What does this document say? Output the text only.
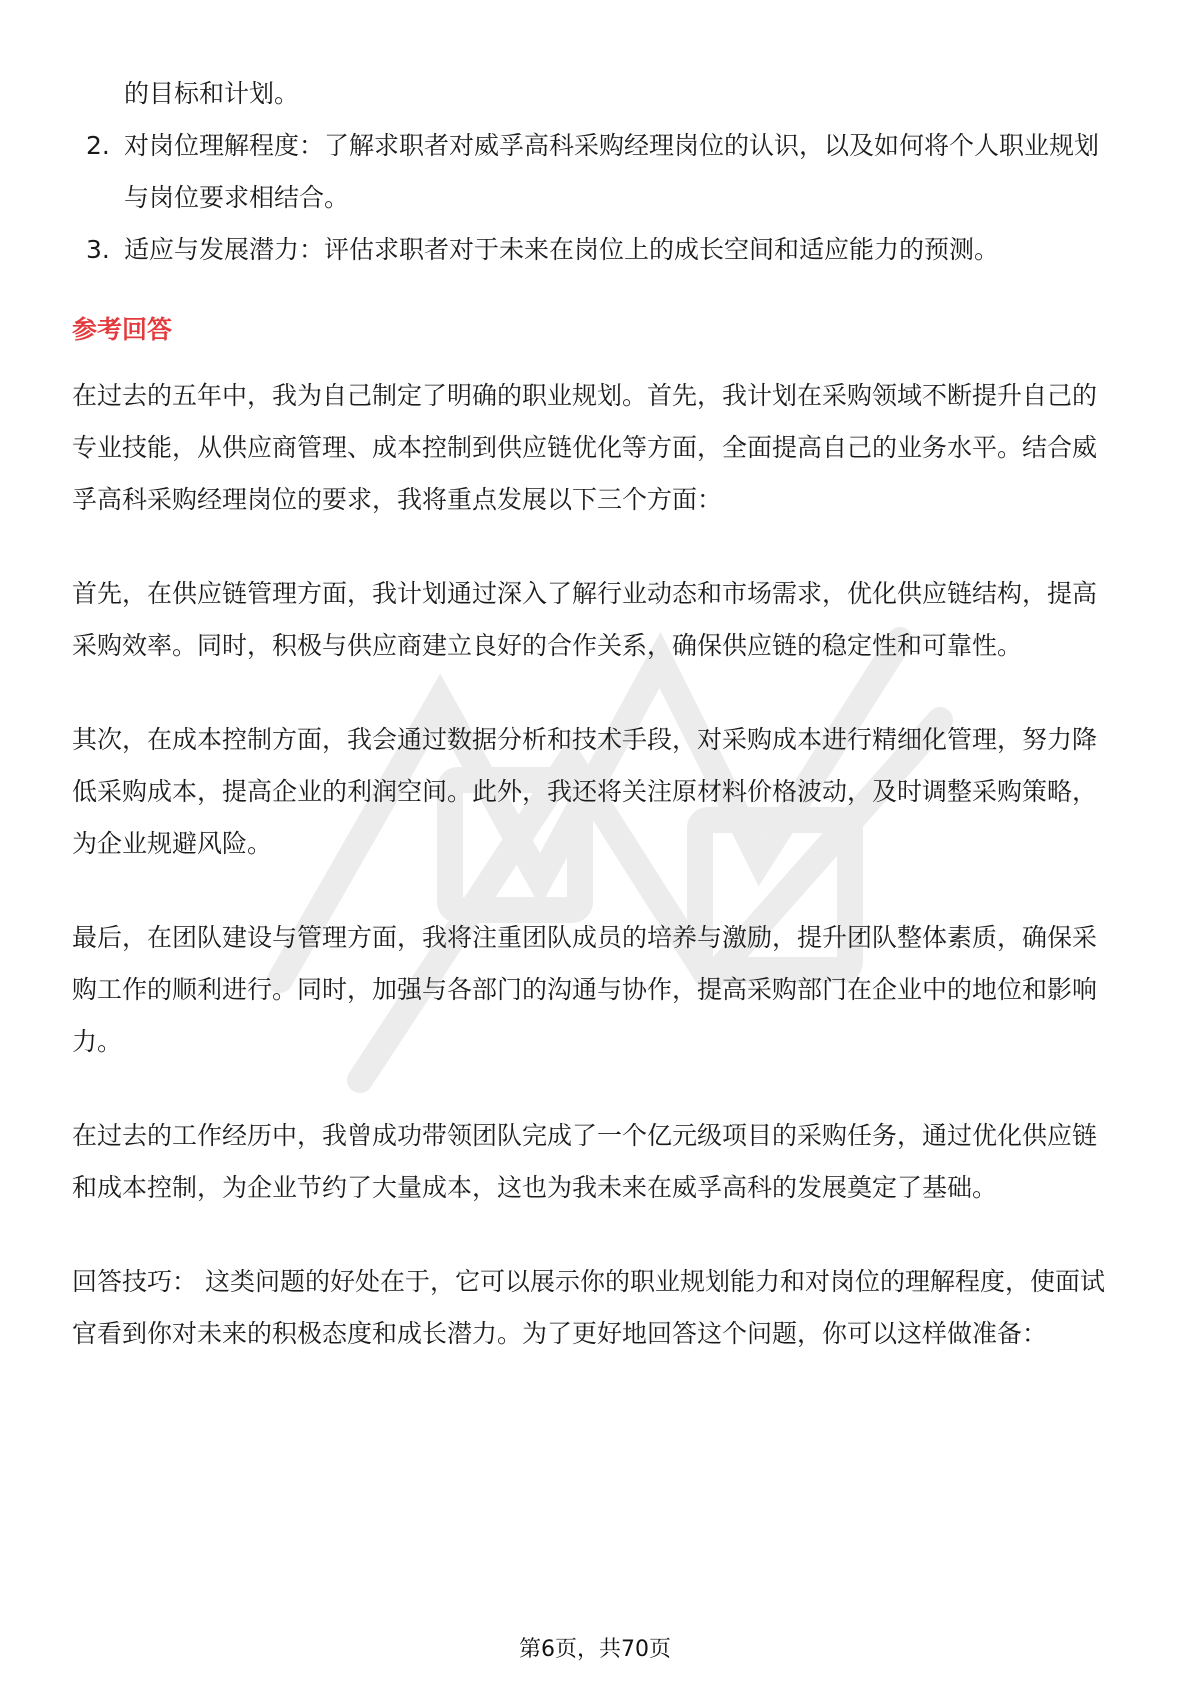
的目标和计划。
2. 对岗位理解程度：了解求职者对威孚高科采购经理岗位的认识，以及如何将个人职业规划与岗位要求相结合。
3. 适应与发展潜力：评估求职者对于未来在岗位上的成长空间和适应能力的预测。
参考回答

在过去的五年中，我为自己制定了明确的职业规划。首先，我计划在采购领域不断提升自己的专业技能，从供应商管理、成本控制到供应链优化等方面，全面提高自己的业务水平。结合威孚高科采购经理岗位的要求，我将重点发展以下三个方面：

首先，在供应链管理方面，我计划通过深入了解行业动态和市场需求，优化供应链结构，提高采购效率。同时，积极与供应商建立良好的合作关系，确保供应链的稳定性和可靠性。

其次，在成本控制方面，我会通过数据分析和技术手段，对采购成本进行精细化管理，努力降低采购成本，提高企业的利润空间。此外，我还将关注原材料价格波动，及时调整采购策略，为企业规避风险。

最后，在团队建设与管理方面，我将注重团队成员的培养与激励，提升团队整体素质，确保采购工作的顺利进行。同时，加强与各部门的沟通与协作，提高采购部门在企业中的地位和影响力。

在过去的工作经历中，我曾成功带领团队完成了一个亿元级项目的采购任务，通过优化供应链和成本控制，为企业节约了大量成本，这也为我未来在威孚高科的发展奠定了基础。

回答技巧： 这类问题的好处在于，它可以展示你的职业规划能力和对岗位的理解程度，使面试官看到你对未来的积极态度和成长潜力。为了更好地回答这个问题，你可以这样做准备：

第6页，共70页
